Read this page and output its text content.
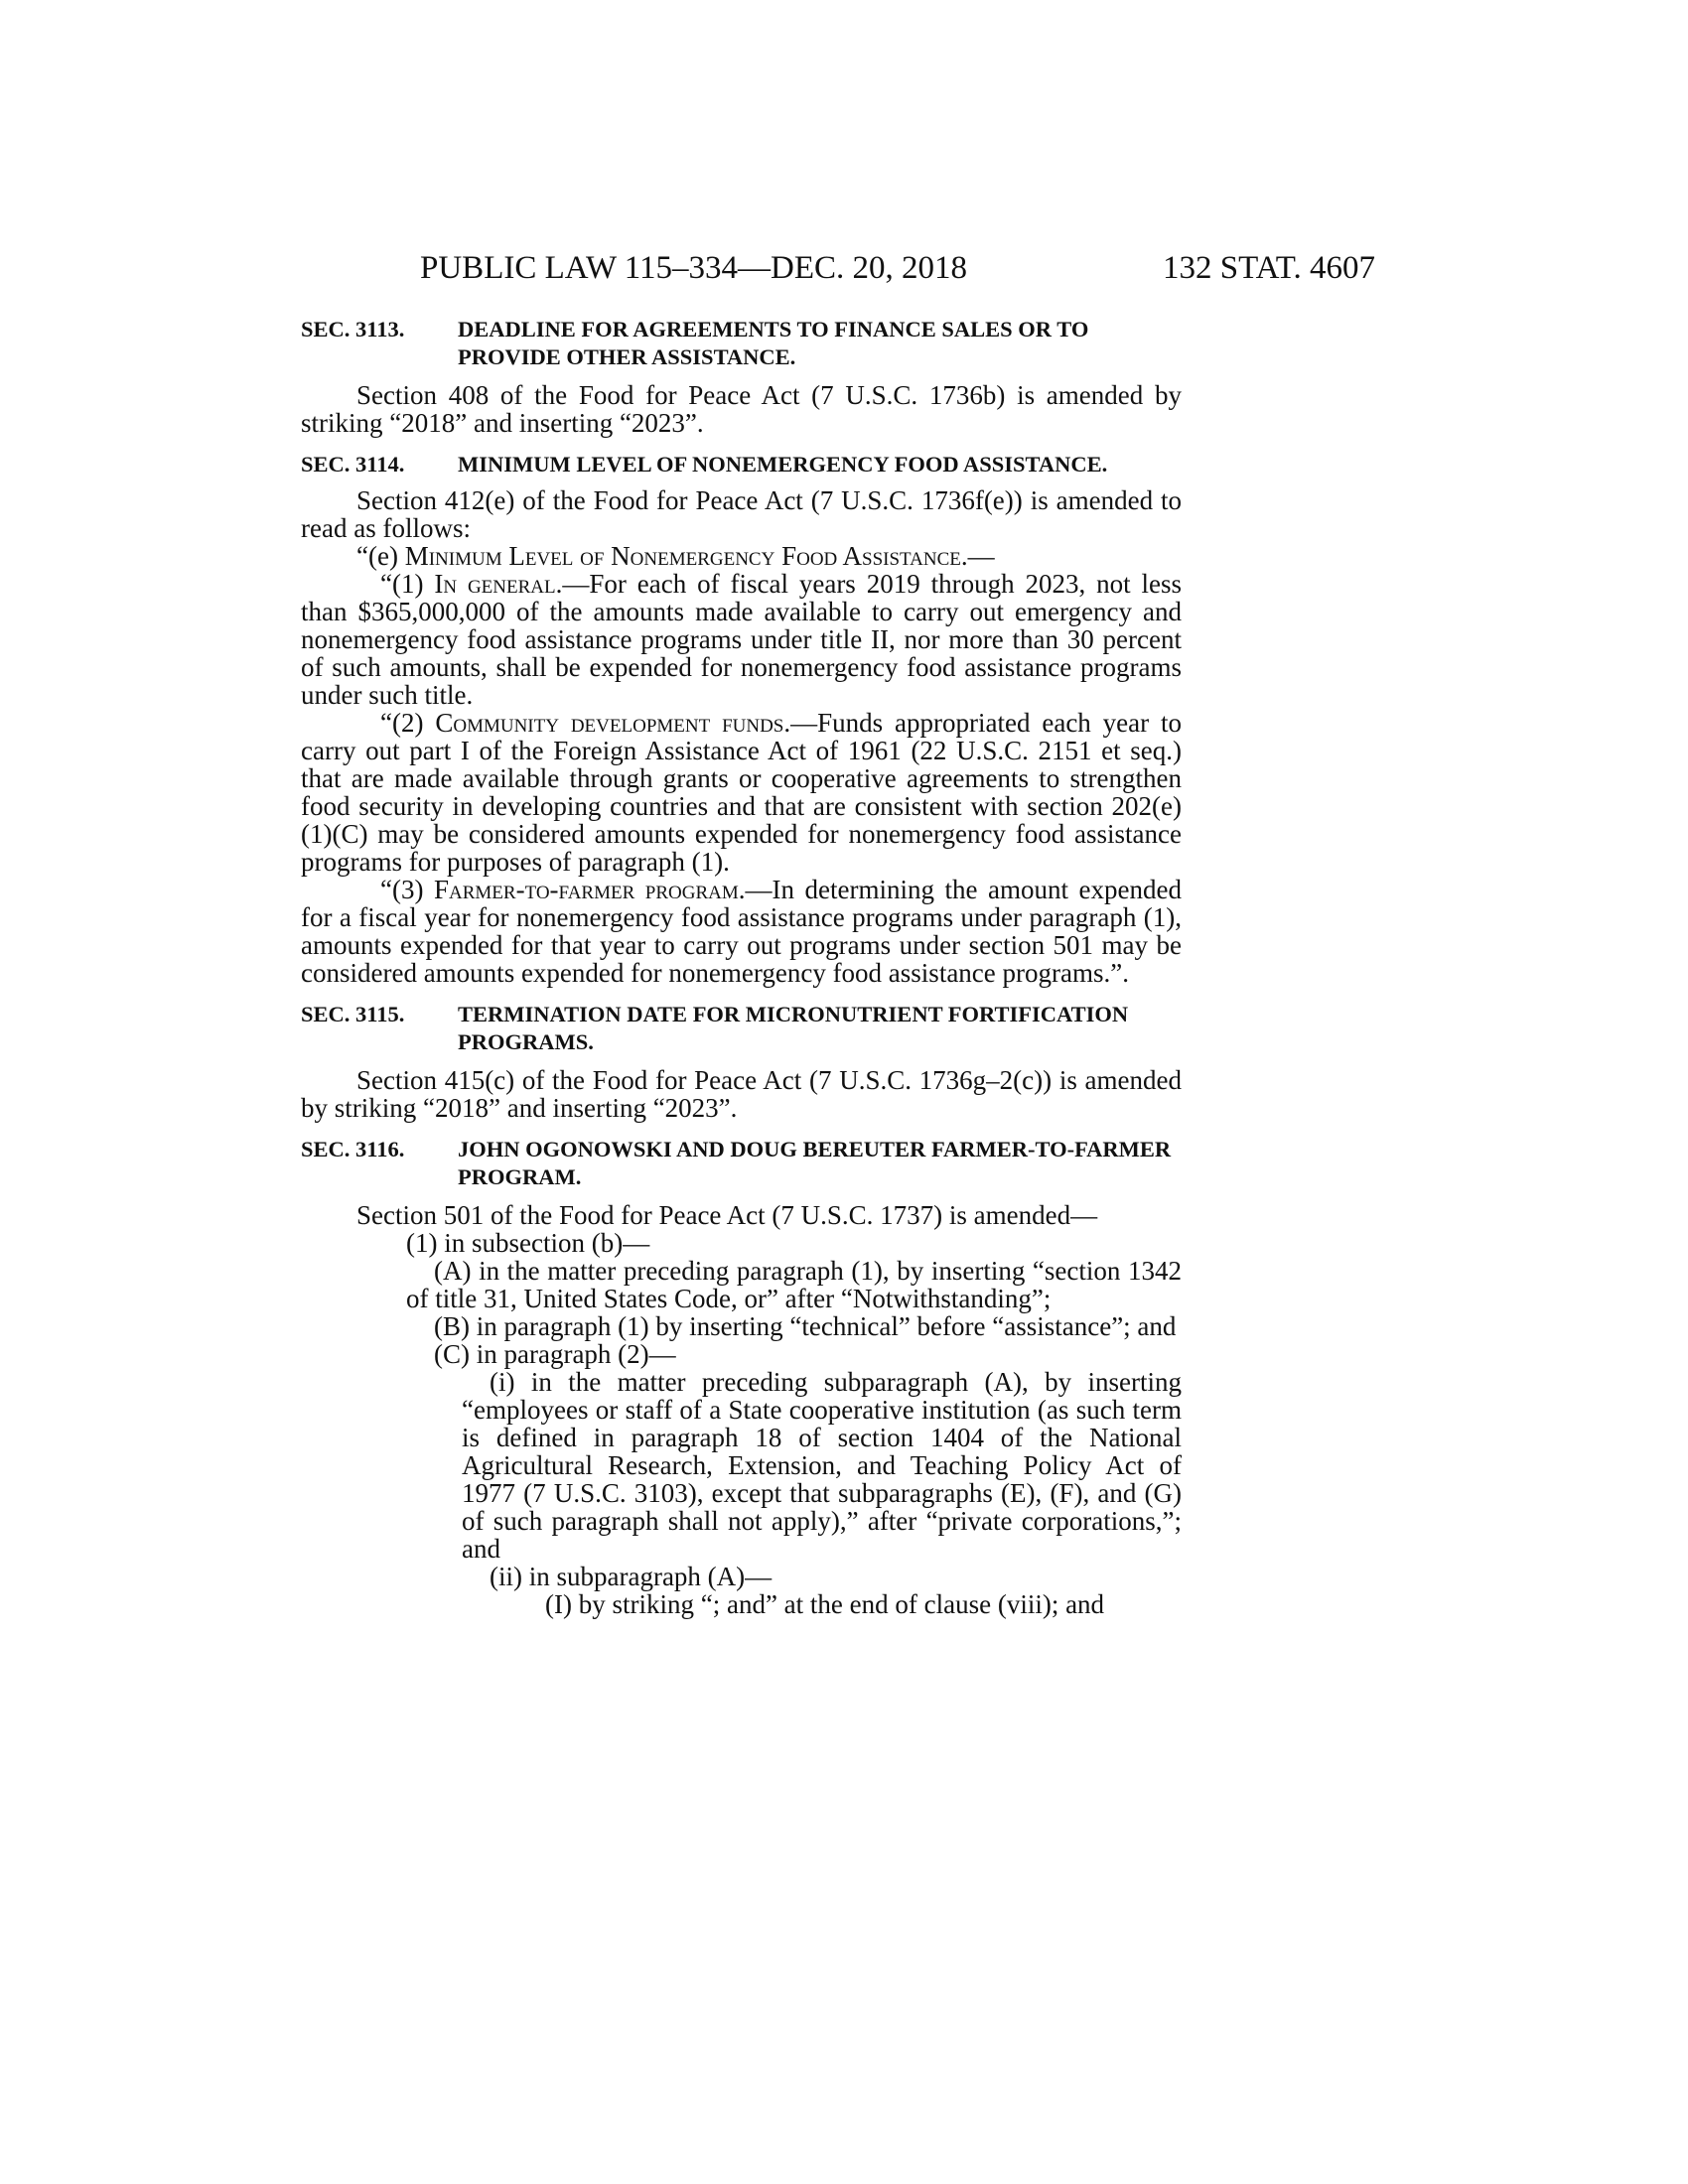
PUBLIC LAW 115–334—DEC. 20, 2018	132 STAT. 4607
SEC. 3113. DEADLINE FOR AGREEMENTS TO FINANCE SALES OR TO PROVIDE OTHER ASSISTANCE.

Section 408 of the Food for Peace Act (7 U.S.C. 1736b) is amended by striking “2018” and inserting “2023”.

SEC. 3114. MINIMUM LEVEL OF NONEMERGENCY FOOD ASSISTANCE.

Section 412(e) of the Food for Peace Act (7 U.S.C. 1736f(e)) is amended to read as follows:

“(e) Minimum Level of Nonemergency Food Assistance.—

“(1) In general.—For each of fiscal years 2019 through 2023, not less than $365,000,000 of the amounts made available to carry out emergency and nonemergency food assistance programs under title II, nor more than 30 percent of such amounts, shall be expended for nonemergency food assistance programs under such title.

“(2) Community development funds.—Funds appropriated each year to carry out part I of the Foreign Assistance Act of 1961 (22 U.S.C. 2151 et seq.) that are made available through grants or cooperative agreements to strengthen food security in developing countries and that are consistent with section 202(e)(1)(C) may be considered amounts expended for nonemergency food assistance programs for purposes of paragraph (1).

“(3) Farmer-to-farmer program.—In determining the amount expended for a fiscal year for nonemergency food assistance programs under paragraph (1), amounts expended for that year to carry out programs under section 501 may be considered amounts expended for nonemergency food assistance programs.”.

SEC. 3115. TERMINATION DATE FOR MICRONUTRIENT FORTIFICATION PROGRAMS.

Section 415(c) of the Food for Peace Act (7 U.S.C. 1736g–2(c)) is amended by striking “2018” and inserting “2023”.

SEC. 3116. JOHN OGONOWSKI AND DOUG BEREUTER FARMER-TO-FARMER PROGRAM.

Section 501 of the Food for Peace Act (7 U.S.C. 1737) is amended—

(1) in subsection (b)—

(A) in the matter preceding paragraph (1), by inserting “section 1342 of title 31, United States Code, or” after “Notwithstanding”;

(B) in paragraph (1) by inserting “technical” before “assistance”; and

(C) in paragraph (2)—

(i) in the matter preceding subparagraph (A), by inserting “employees or staff of a State cooperative institution (as such term is defined in paragraph 18 of section 1404 of the National Agricultural Research, Extension, and Teaching Policy Act of 1977 (7 U.S.C. 3103), except that subparagraphs (E), (F), and (G) of such paragraph shall not apply),” after “private corporations,”; and

(ii) in subparagraph (A)—

(I) by striking “; and” at the end of clause (viii); and
